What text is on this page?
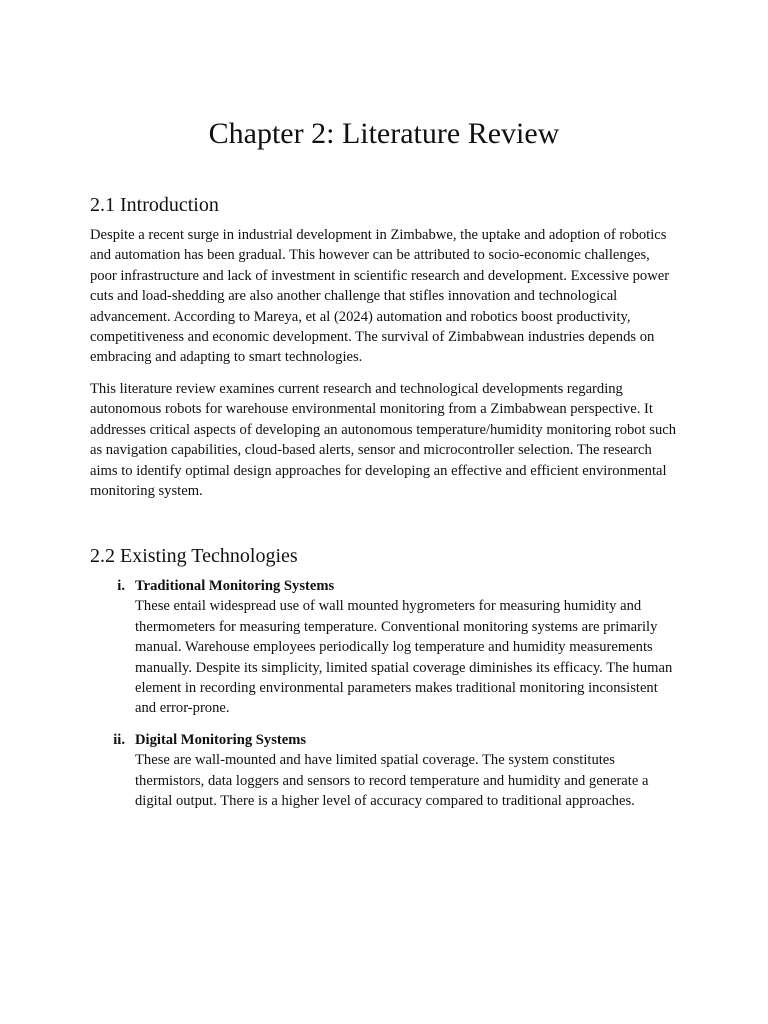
Chapter 2: Literature Review
2.1 Introduction

Despite a recent surge in industrial development in Zimbabwe, the uptake and adoption of robotics and automation has been gradual. This however can be attributed to socio-economic challenges, poor infrastructure and lack of investment in scientific research and development. Excessive power cuts and load-shedding are also another challenge that stifles innovation and technological advancement. According to Mareya, et al (2024) automation and robotics boost productivity, competitiveness and economic development. The survival of Zimbabwean industries depends on embracing and adapting to smart technologies.

This literature review examines current research and technological developments regarding autonomous robots for warehouse environmental monitoring from a Zimbabwean perspective. It addresses critical aspects of developing an autonomous temperature/humidity monitoring robot such as navigation capabilities, cloud-based alerts, sensor and microcontroller selection. The research aims to identify optimal design approaches for developing an effective and efficient environmental monitoring system.

2.2 Existing Technologies
i. Traditional Monitoring Systems

These entail widespread use of wall mounted hygrometers for measuring humidity and thermometers for measuring temperature. Conventional monitoring systems are primarily manual. Warehouse employees periodically log temperature and humidity measurements manually. Despite its simplicity, limited spatial coverage diminishes its efficacy. The human element in recording environmental parameters makes traditional monitoring inconsistent and error-prone.

ii. Digital Monitoring Systems

These are wall-mounted and have limited spatial coverage. The system constitutes thermistors, data loggers and sensors to record temperature and humidity and generate a digital output. There is a higher level of accuracy compared to traditional approaches.
